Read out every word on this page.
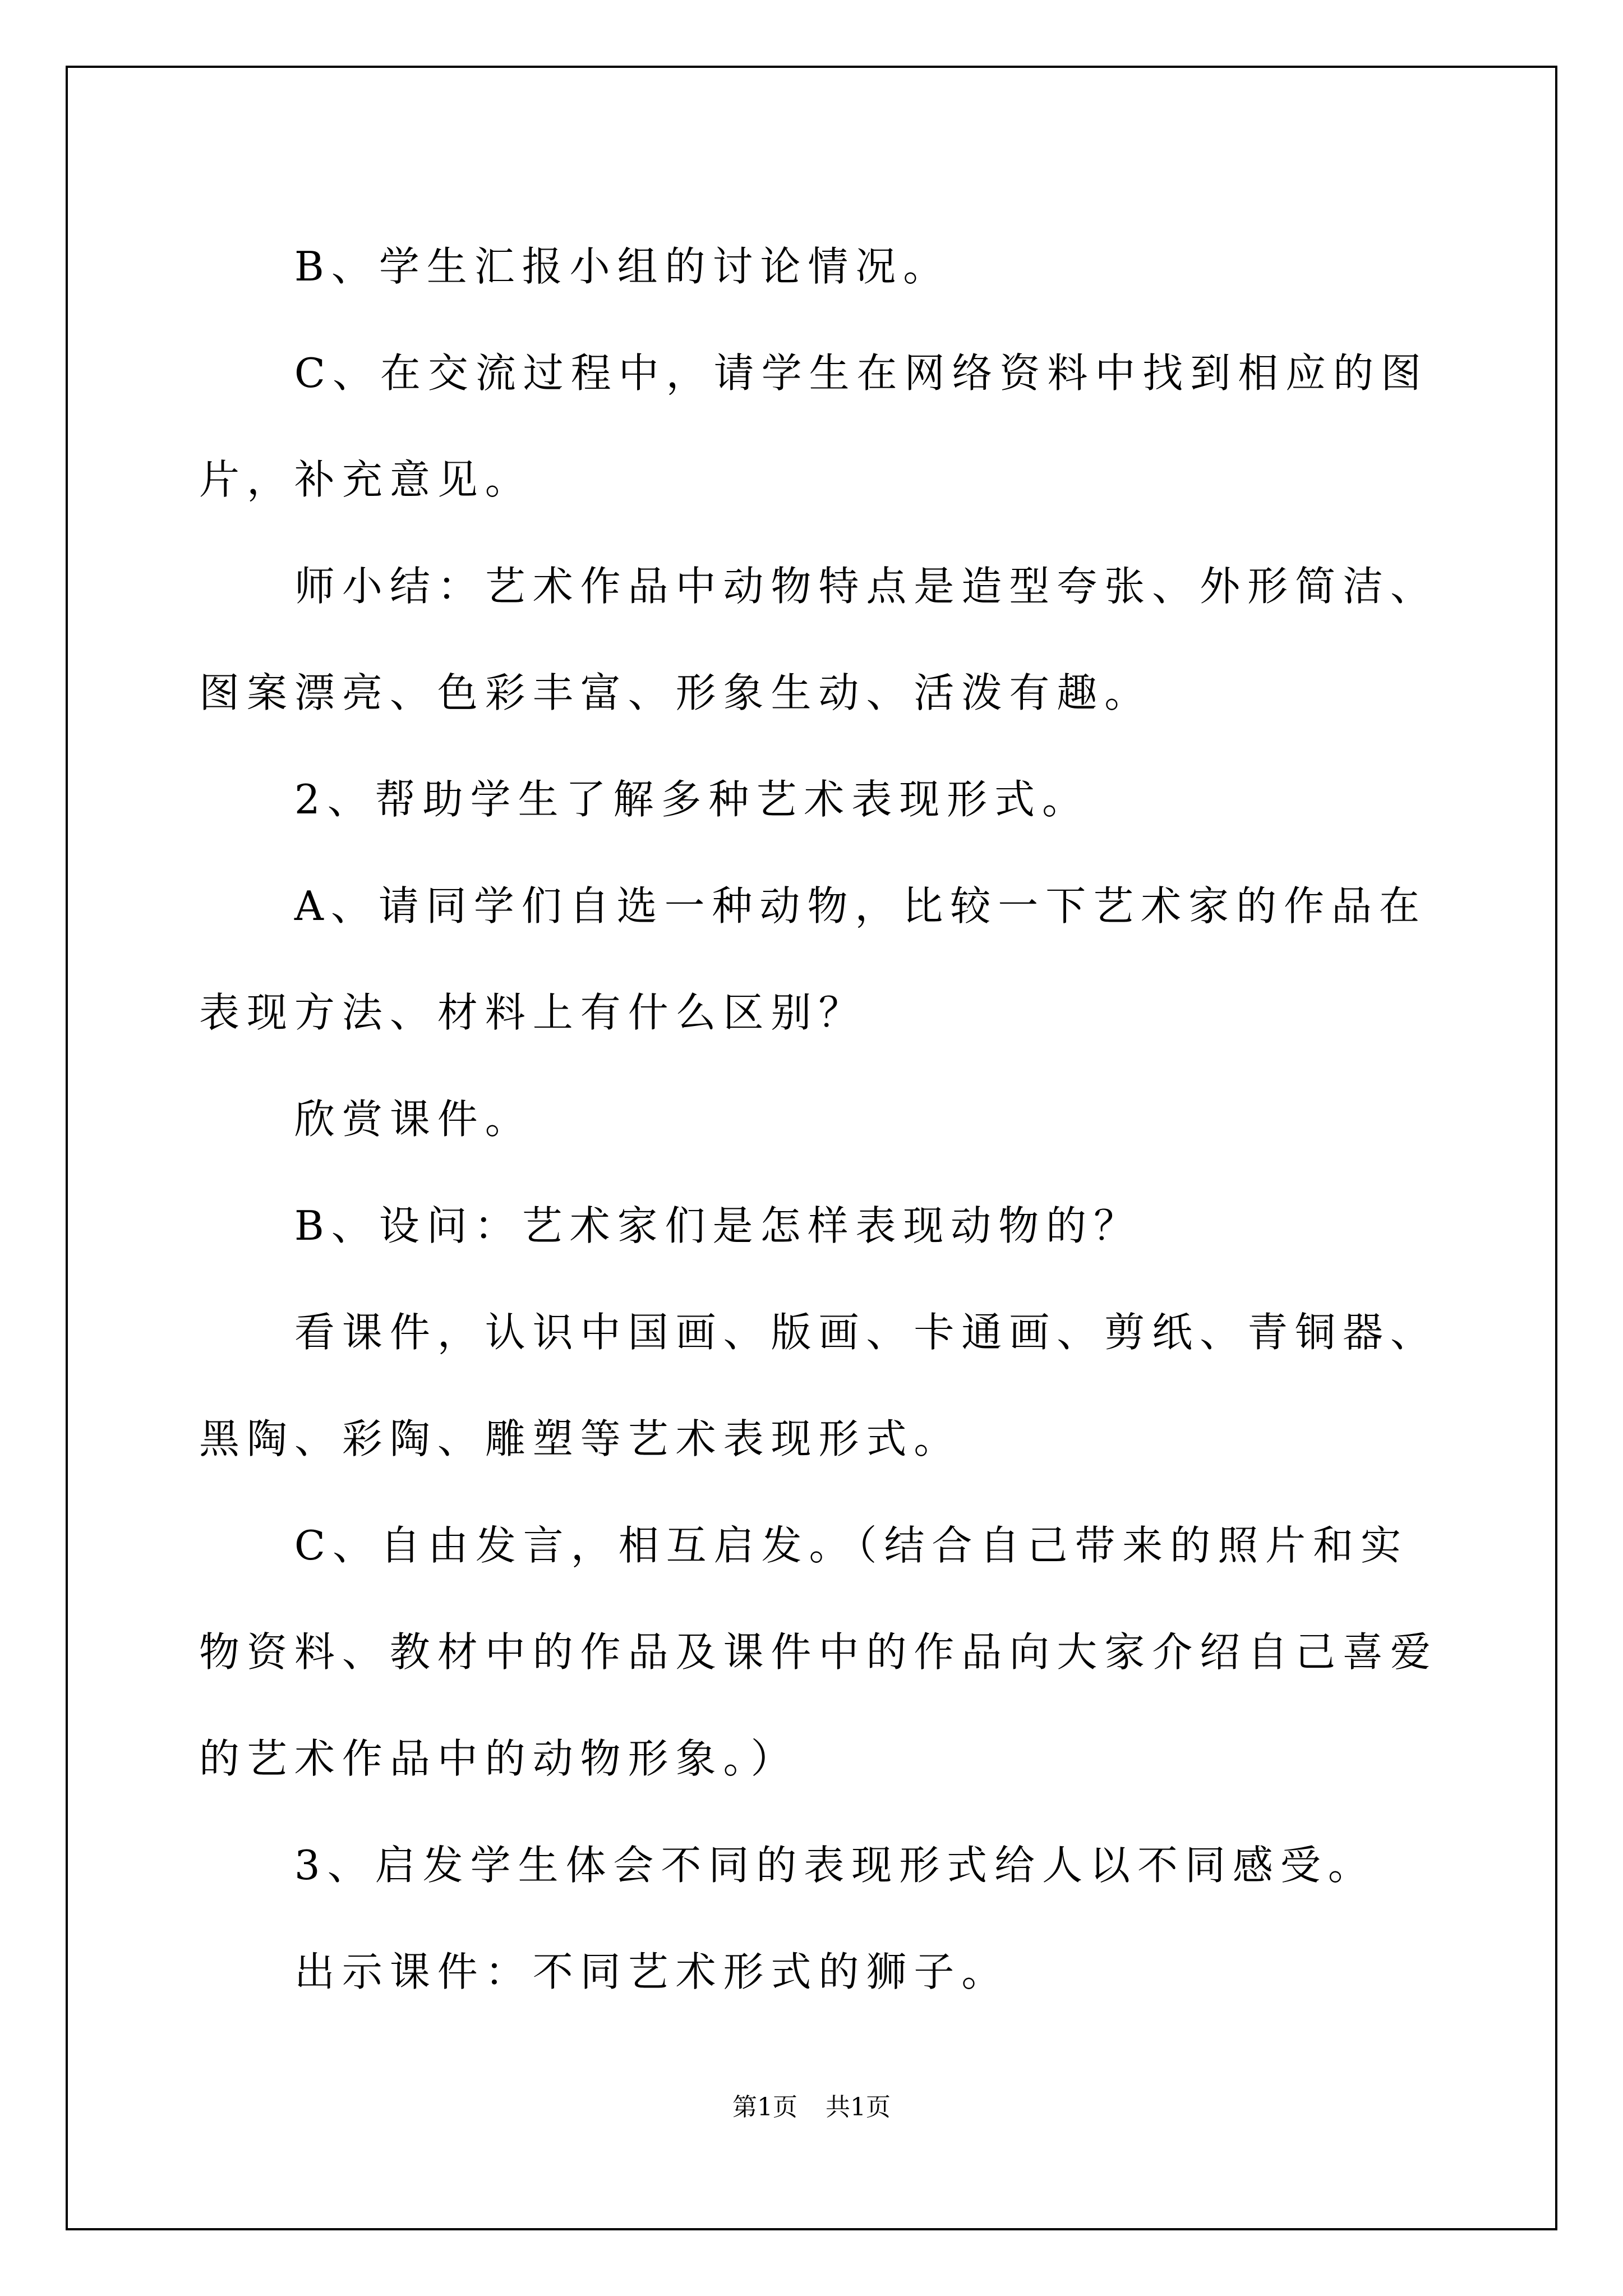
B、学生汇报小组的讨论情况。

C、在交流过程中，请学生在网络资料中找到相应的图片，补充意见。

师小结：艺术作品中动物特点是造型夸张、外形简洁、图案漂亮、色彩丰富、形象生动、活泼有趣。

2、帮助学生了解多种艺术表现形式。

A、请同学们自选一种动物，比较一下艺术家的作品在表现方法、材料上有什么区别？

欣赏课件。

B、设问：艺术家们是怎样表现动物的？

看课件，认识中国画、版画、卡通画、剪纸、青铜器、黑陶、彩陶、雕塑等艺术表现形式。

C、自由发言，相互启发。（结合自己带来的照片和实物资料、教材中的作品及课件中的作品向大家介绍自己喜爱的艺术作品中的动物形象。）

3、启发学生体会不同的表现形式给人以不同感受。

出示课件：不同艺术形式的狮子。

第1页 共1页
